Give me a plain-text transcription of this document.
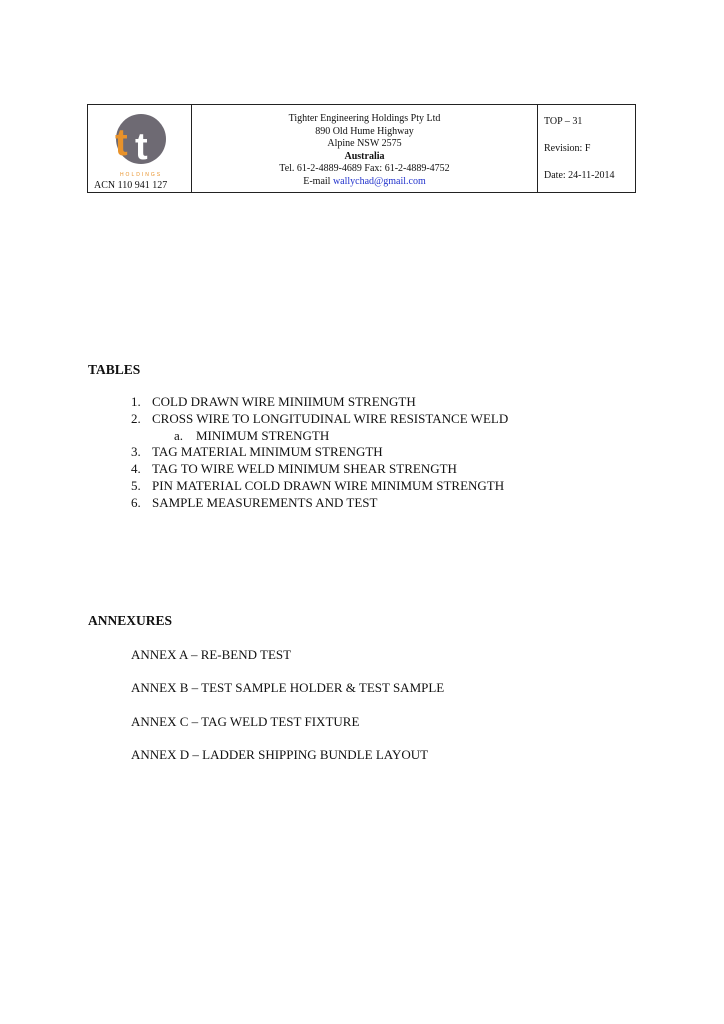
t t
HOLDINGS
ACN 110 941 127
Tighter Engineering Holdings Pty Ltd
890 Old Hume Highway
Alpine NSW 2575
Australia
Tel. 61-2-4889-4689 Fax: 61-2-4889-4752
E-mail wallychad@gmail.com
TOP – 31
Revision: F
Date: 24-11-2014
TABLES
1. COLD DRAWN WIRE MINIIMUM STRENGTH
2. CROSS WIRE TO LONGITUDINAL WIRE RESISTANCE WELD
a. MINIMUM STRENGTH
3. TAG MATERIAL MINIMUM STRENGTH
4. TAG TO WIRE WELD MINIMUM SHEAR STRENGTH
5. PIN MATERIAL COLD DRAWN WIRE MINIMUM STRENGTH
6. SAMPLE MEASUREMENTS AND TEST
ANNEXURES
ANNEX A – RE-BEND TEST
ANNEX B – TEST SAMPLE HOLDER & TEST SAMPLE
ANNEX C – TAG WELD TEST FIXTURE
ANNEX D – LADDER SHIPPING BUNDLE LAYOUT
